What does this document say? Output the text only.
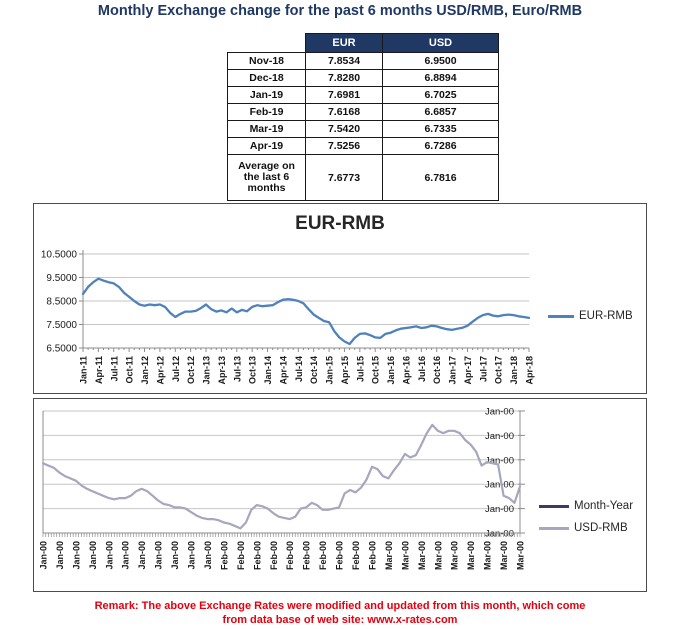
Monthly Exchange change for the past 6 months USD/RMB, Euro/RMB
	EUR	USD
Nov-18	7.8534	6.9500
Dec-18	7.8280	6.8894
Jan-19	7.6981	6.7025
Feb-19	7.6168	6.6857
Mar-19	7.5420	6.7335
Apr-19	7.5256	6.7286
Average on the last 6 months	7.6773	6.7816
10.5000
9.5000
8.5000
7.5000
6.5000
Jan-11 Apr-11 Jul-11 Oct-11 Jan-12 Apr-12 Jul-12 Oct-12 Jan-13 Apr-13 Jul-13 Oct-13 Jan-14 Apr-14 Jul-14 Oct-14 Jan-15 Apr-15 Jul-15 Oct-15 Jan-16 Apr-16 Jul-16 Oct-16 Jan-17 Apr-17 Jul-17 Oct-17 Jan-18 Apr-18
EUR-RMB
EUR-RMB
Jan-00
Jan-00
Jan-00
Jan-00
Jan-00
Jan-00
Jan-00 Jan-00 Jan-00 Jan-00 Jan-00 Jan-00 Jan-00 Jan-00 Jan-00 Jan-00 Jan-00 Feb-00 Feb-00 Feb-00 Feb-00 Feb-00 Feb-00 Feb-00 Feb-00 Feb-00 Feb-00 Mar-00 Mar-00 Mar-00 Mar-00 Mar-00 Mar-00 Mar-00 Mar-00 Mar-00
Month-Year
USD-RMB
Remark: The above Exchange Rates were modified and updated from this month, which come
from data base of web site: www.x-rates.com
